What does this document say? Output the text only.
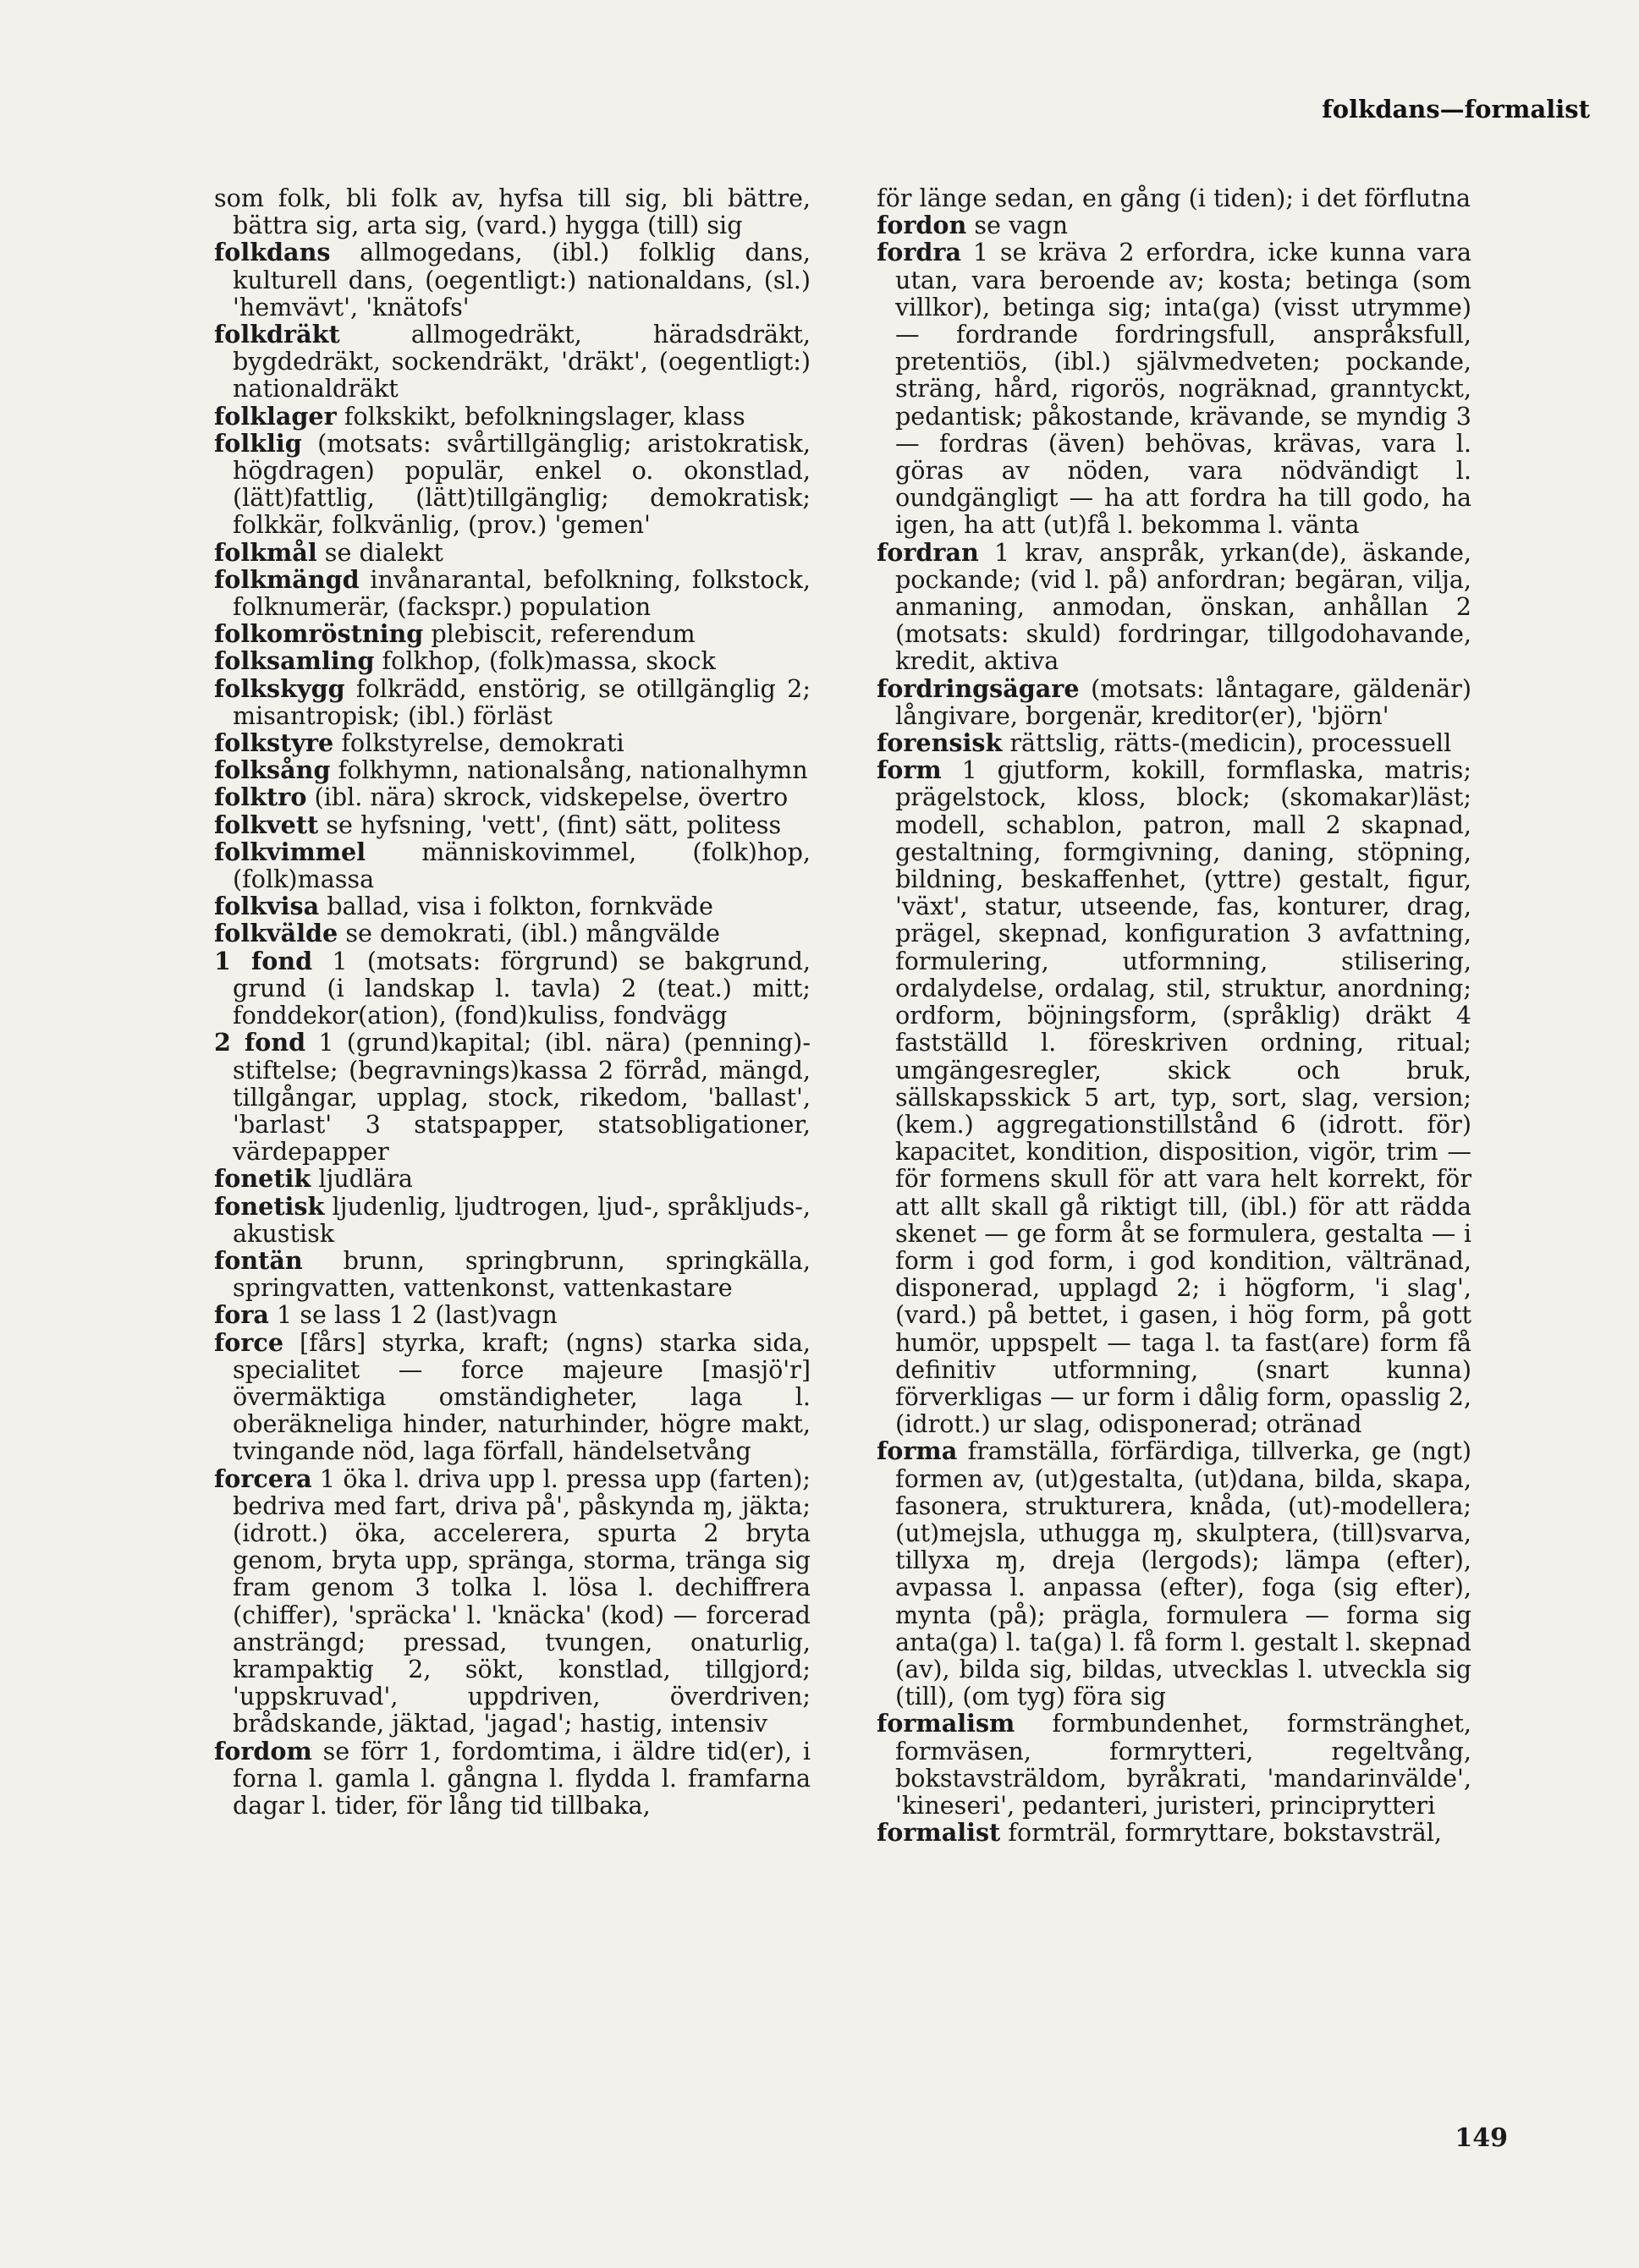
folkdans—formalist

som folk, bli folk av, hyfsa till sig, bli bättre, bättra sig, arta sig, (vard.) hygga (till) sig

folkdans allmogedans, (ibl.) folklig dans, kulturell dans, (oegentligt:) nationaldans, (sl.) 'hemvävt', 'knätofs'

folkdräkt allmogedräkt, häradsdräkt, bygdedräkt, sockendräkt, 'dräkt', (oegentligt:) nationaldräkt

folklager folkskikt, befolkningslager, klass

folklig (motsats: svårtillgänglig; aristokratisk, högdragen) populär, enkel o. okonstlad, (lätt)fattlig, (lätt)tillgänglig; demokratisk; folkkär, folkvänlig, (prov.) 'gemen'

folkmål se dialekt

folkmängd invånarantal, befolkning, folkstock, folknumerär, (fackspr.) population

folkomröstning plebiscit, referendum

folksamling folkhop, (folk)massa, skock

folkskygg folkrädd, enstörig, se otillgänglig 2; misantropisk; (ibl.) förläst

folkstyre folkstyrelse, demokrati

folksång folkhymn, nationalsång, nationalhymn

folktro (ibl. nära) skrock, vidskepelse, övertro

folkvett se hyfsning, 'vett', (fint) sätt, politess

folkvimmel människovimmel, (folk)hop, (folk)massa

folkvisa ballad, visa i folkton, fornkväde

folkvälde se demokrati, (ibl.) mångvälde

1 fond 1 (motsats: förgrund) se bakgrund, grund (i landskap l. tavla) 2 (teat.) mitt; fonddekor(ation), (fond)kuliss, fondvägg

2 fond 1 (grund)kapital; (ibl. nära) (penning)-stiftelse; (begravnings)kassa 2 förråd, mängd, tillgångar, upplag, stock, rikedom, 'ballast', 'barlast' 3 statspapper, statsobligationer, värdepapper

fonetik ljudlära

fonetisk ljudenlig, ljudtrogen, ljud-, språkljuds-, akustisk

fontän brunn, springbrunn, springkälla, springvatten, vattenkonst, vattenkastare

fora 1 se lass 1 2 (last)vagn

force [fårs] styrka, kraft; (ngns) starka sida, specialitet — force majeure [masjö'r] övermäktiga omständigheter, laga l. oberäkneliga hinder, naturhinder, högre makt, tvingande nöd, laga förfall, händelsetvång

forcera 1 öka l. driva upp l. pressa upp (farten); bedriva med fart, driva på', påskynda ɱ, jäkta; (idrott.) öka, accelerera, spurta 2 bryta genom, bryta upp, spränga, storma, tränga sig fram genom 3 tolka l. lösa l. dechiffrera (chiffer), 'spräcka' l. 'knäcka' (kod) — forcerad ansträngd; pressad, tvungen, onaturlig, krampaktig 2, sökt, konstlad, tillgjord; 'uppskruvad', uppdriven, överdriven; brådskande, jäktad, 'jagad'; hastig, intensiv

fordom se förr 1, fordomtima, i äldre tid(er), i forna l. gamla l. gångna l. flydda l. framfarna dagar l. tider, för lång tid tillbaka,

för länge sedan, en gång (i tiden); i det förflutna

fordon se vagn

fordra 1 se kräva 2 erfordra, icke kunna vara utan, vara beroende av; kosta; betinga (som villkor), betinga sig; inta(ga) (visst utrymme) — fordrande fordringsfull, anspråksfull, pretentiös, (ibl.) självmedveten; pockande, sträng, hård, rigorös, nogräknad, granntyckt, pedantisk; påkostande, krävande, se myndig 3 — fordras (även) behövas, krävas, vara l. göras av nöden, vara nödvändigt l. oundgängligt — ha att fordra ha till godo, ha igen, ha att (ut)få l. bekomma l. vänta

fordran 1 krav, anspråk, yrkan(de), äskande, pockande; (vid l. på) anfordran; begäran, vilja, anmaning, anmodan, önskan, anhållan 2 (motsats: skuld) fordringar, tillgodohavande, kredit, aktiva

fordringsägare (motsats: låntagare, gäldenär) långivare, borgenär, kreditor(er), 'björn'

forensisk rättslig, rätts-(medicin), processuell

form 1 gjutform, kokill, formflaska, matris; prägelstock, kloss, block; (skomakar)läst; modell, schablon, patron, mall 2 skapnad, gestaltning, formgivning, daning, stöpning, bildning, beskaffenhet, (yttre) gestalt, figur, 'växt', statur, utseende, fas, konturer, drag, prägel, skepnad, konfiguration 3 avfattning, formulering, utformning, stilisering, ordalydelse, ordalag, stil, struktur, anordning; ordform, böjningsform, (språklig) dräkt 4 fastställd l. föreskriven ordning, ritual; umgängesregler, skick och bruk, sällskapsskick 5 art, typ, sort, slag, version; (kem.) aggregationstillstånd 6 (idrott. för) kapacitet, kondition, disposition, vigör, trim — för formens skull för att vara helt korrekt, för att allt skall gå riktigt till, (ibl.) för att rädda skenet — ge form åt se formulera, gestalta — i form i god form, i god kondition, vältränad, disponerad, upplagd 2; i högform, 'i slag', (vard.) på bettet, i gasen, i hög form, på gott humör, uppspelt — taga l. ta fast(are) form få definitiv utformning, (snart kunna) förverkligas — ur form i dålig form, opasslig 2, (idrott.) ur slag, odisponerad; otränad

forma framställa, förfärdiga, tillverka, ge (ngt) formen av, (ut)gestalta, (ut)dana, bilda, skapa, fasonera, strukturera, knåda, (ut)-modellera; (ut)mejsla, uthugga ɱ, skulptera, (till)svarva, tillyxa ɱ, dreja (lergods); lämpa (efter), avpassa l. anpassa (efter), foga (sig efter), mynta (på); präglа, formulera — forma sig anta(ga) l. ta(ga) l. få form l. gestalt l. skepnad (av), bilda sig, bildas, utvecklas l. utveckla sig (till), (om tyg) föra sig

formalism formbundenhet, formstränghet, formväsen, formrytteri, regeltvång, bokstavsträldom, byråkrati, 'mandarinvälde', 'kineseri', pedanteri, juristeri, principrytteri

formalist formträl, formryttare, bokstavsträl,

149
